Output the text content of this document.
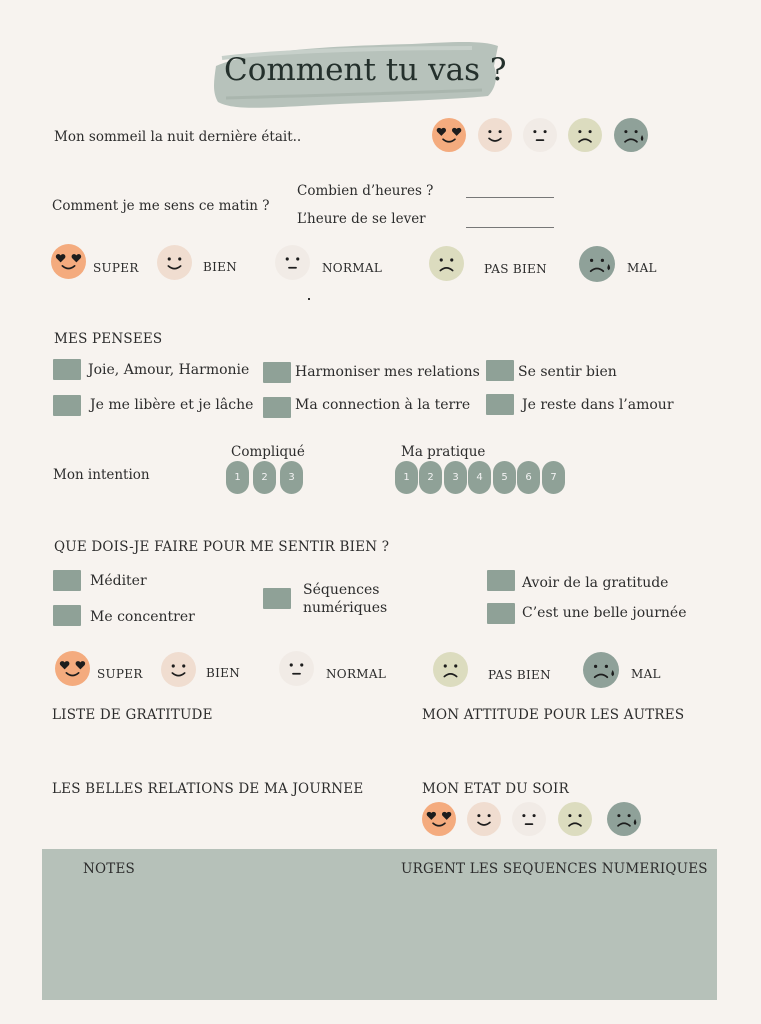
Comment tu vas ?
Mon sommeil la nuit dernière était..
Comment je me sens ce matin ?
Combien d’heures ?
L’heure de se lever
SUPER	BIEN	NORMAL	PAS BIEN	MAL
MES PENSEES
Joie, Amour, Harmonie	Harmoniser mes relations	Se sentir bien
Je me libère et je lâche	Ma connection à la terre	Je reste dans l’amour
Mon intention
Compliqué	Ma pratique
1	2	3	1	2	3	4	5	6	7
QUE DOIS-JE FAIRE POUR ME SENTIR BIEN ?
Méditer
Me concentrer
Séquences
numériques
Avoir de la gratitude
C’est une belle journée
SUPER	BIEN	NORMAL	PAS BIEN	MAL
LISTE DE GRATITUDE	MON ATTITUDE POUR LES AUTRES
LES BELLES RELATIONS DE MA JOURNEE	MON ETAT DU SOIR
NOTES	URGENT LES SEQUENCES NUMERIQUES
